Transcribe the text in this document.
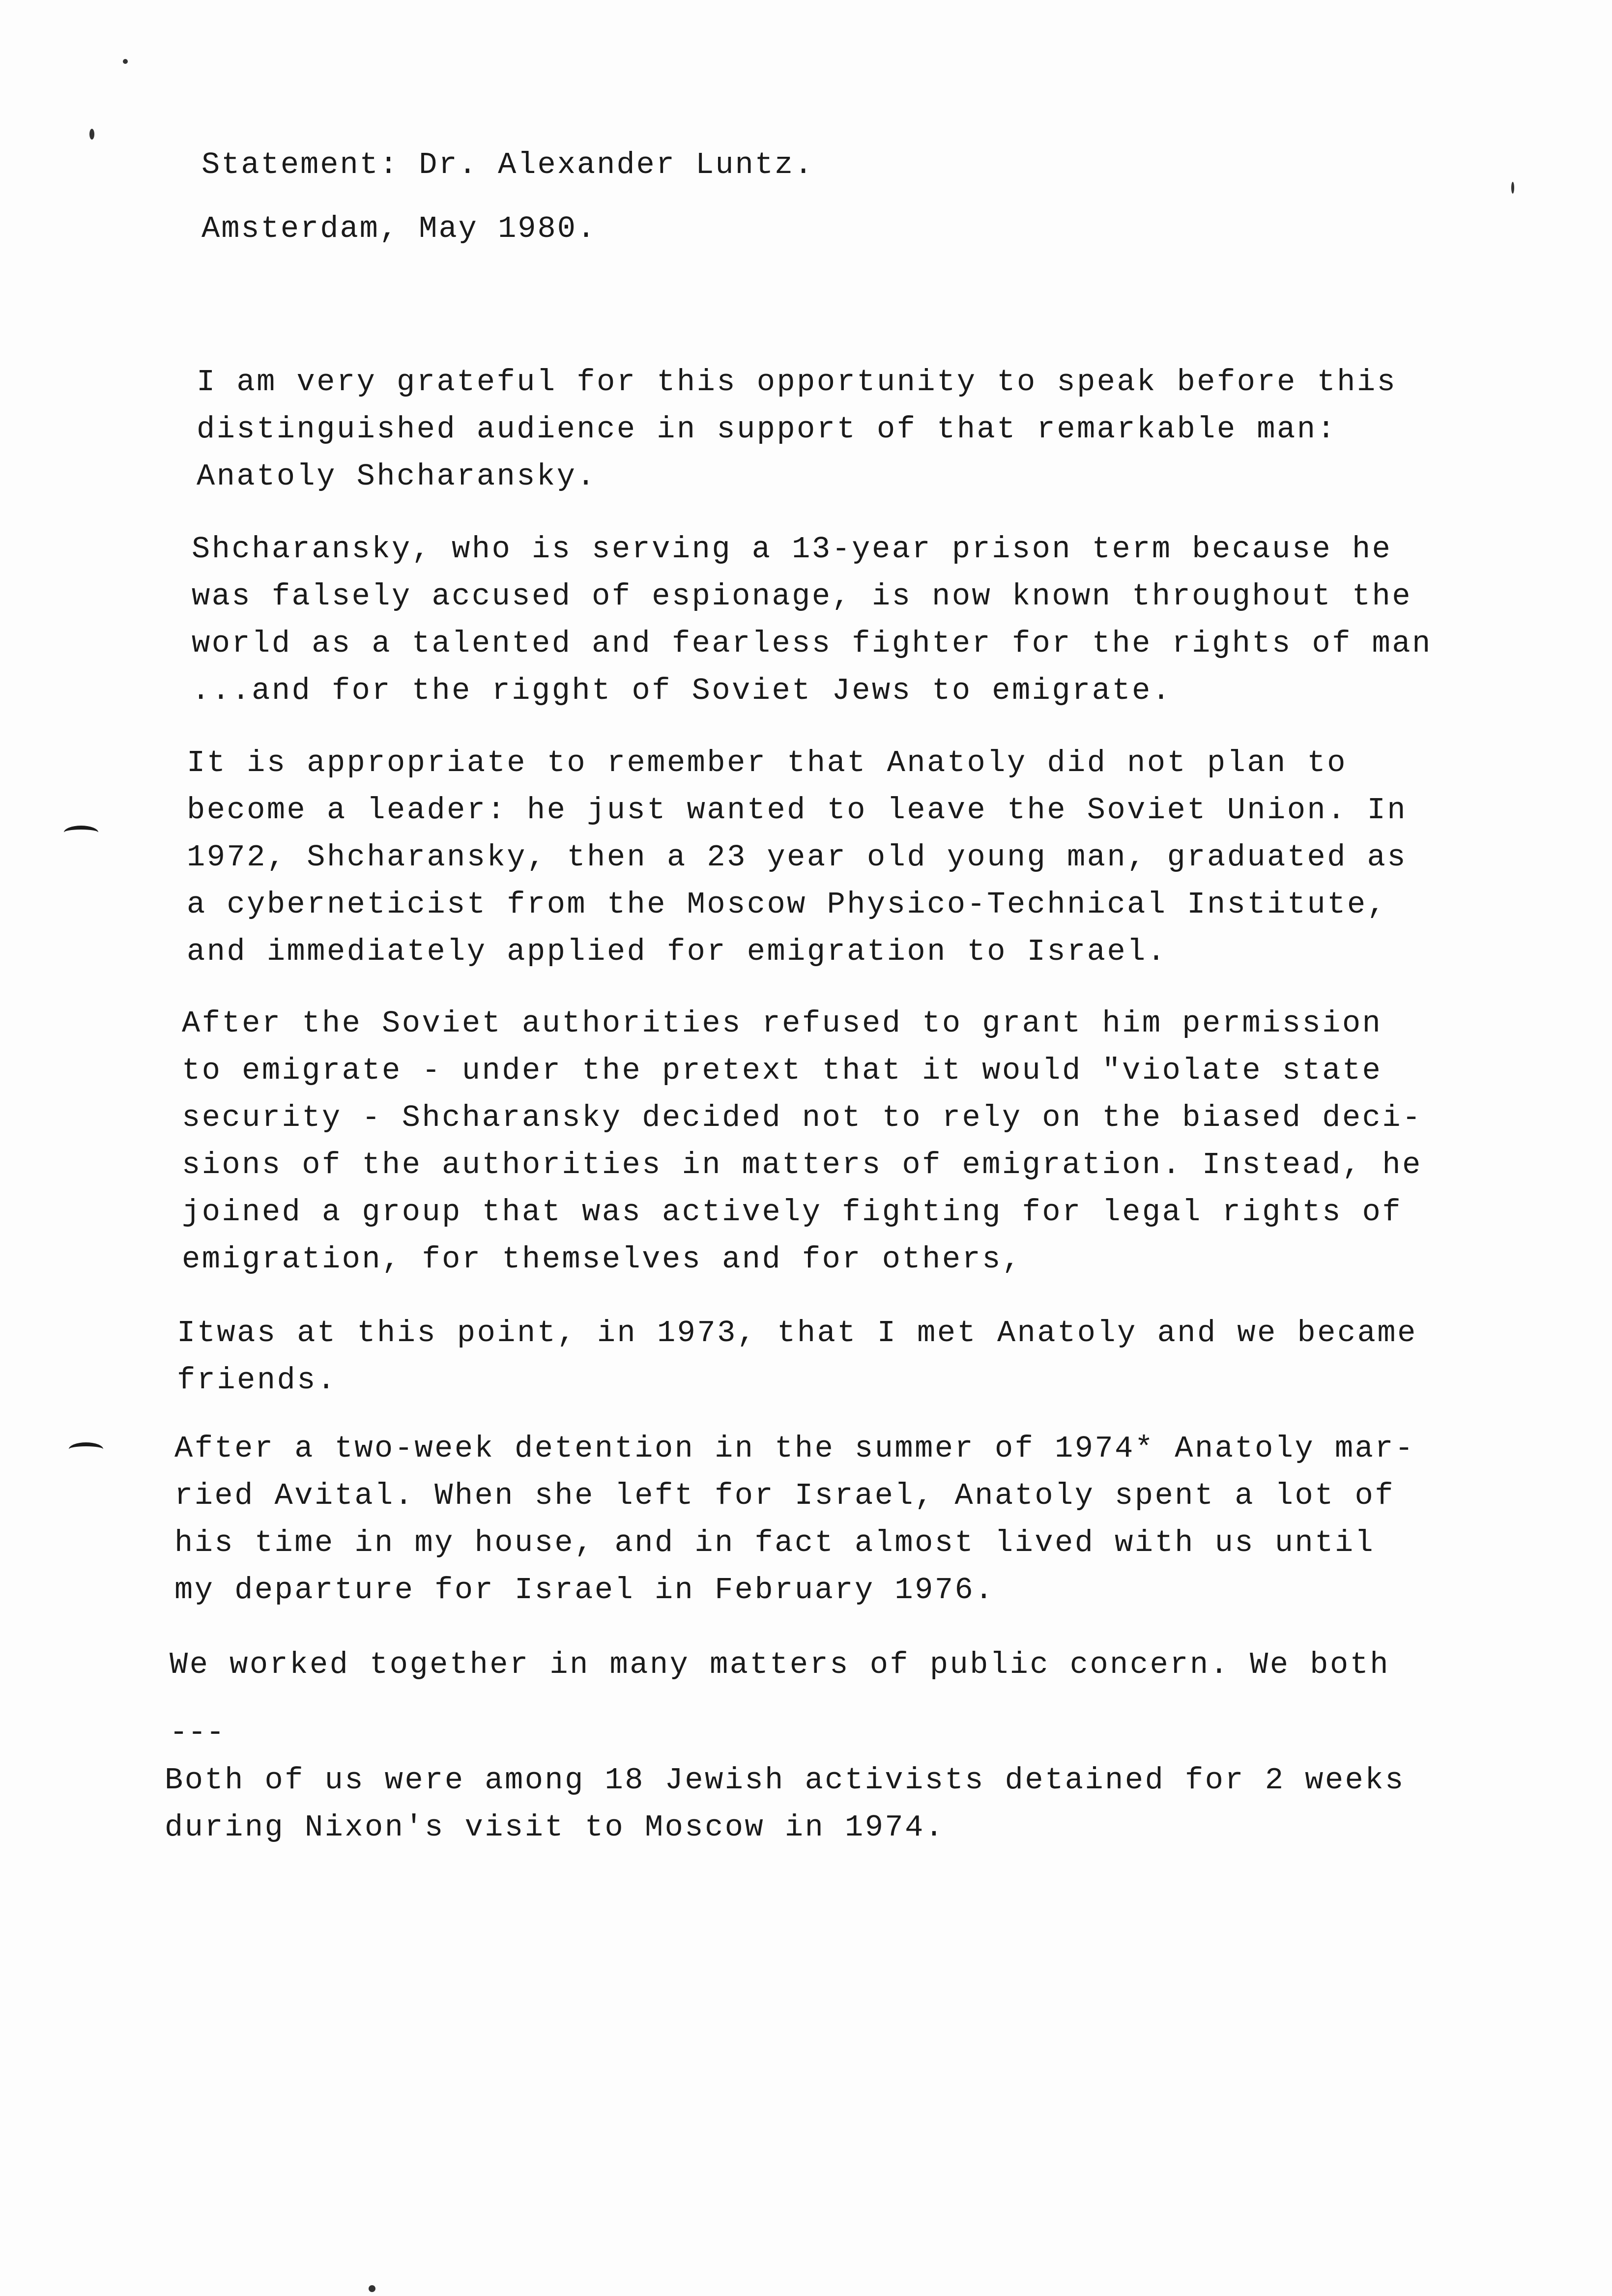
Statement: Dr. Alexander Luntz.
Amsterdam, May 1980.
I am very grateful for this opportunity to speak before this
distinguished audience in support of that remarkable man:
Anatoly Shcharansky.
Shcharansky, who is serving a 13-year prison term because he
was falsely accused of espionage, is now known throughout the
world as a talented and fearless fighter for the rights of man
...and for the rigght of Soviet Jews to emigrate.
It is appropriate to remember that Anatoly did not plan to
become a leader: he just wanted to leave the Soviet Union. In
1972, Shcharansky, then a 23 year old young man, graduated as
a cyberneticist from the Moscow Physico-Technical Institute,
and immediately applied for emigration to Israel.
After the Soviet authorities refused to grant him permission
to emigrate - under the pretext that it would "violate state
security - Shcharansky decided not to rely on the biased deci-
sions of the authorities in matters of emigration. Instead, he
joined a group that was actively fighting for legal rights of
emigration, for themselves and for others,
Itwas at this point, in 1973, that I met Anatoly and we became
friends.
After a two-week detention in the summer of 1974* Anatoly mar-
ried Avital. When she left for Israel, Anatoly spent a lot of
his time in my house, and in fact almost lived with us until
my departure for Israel in February 1976.
We worked together in many matters of public concern. We both
---
Both of us were among 18 Jewish activists detained for 2 weeks
during Nixon's visit to Moscow in 1974.
